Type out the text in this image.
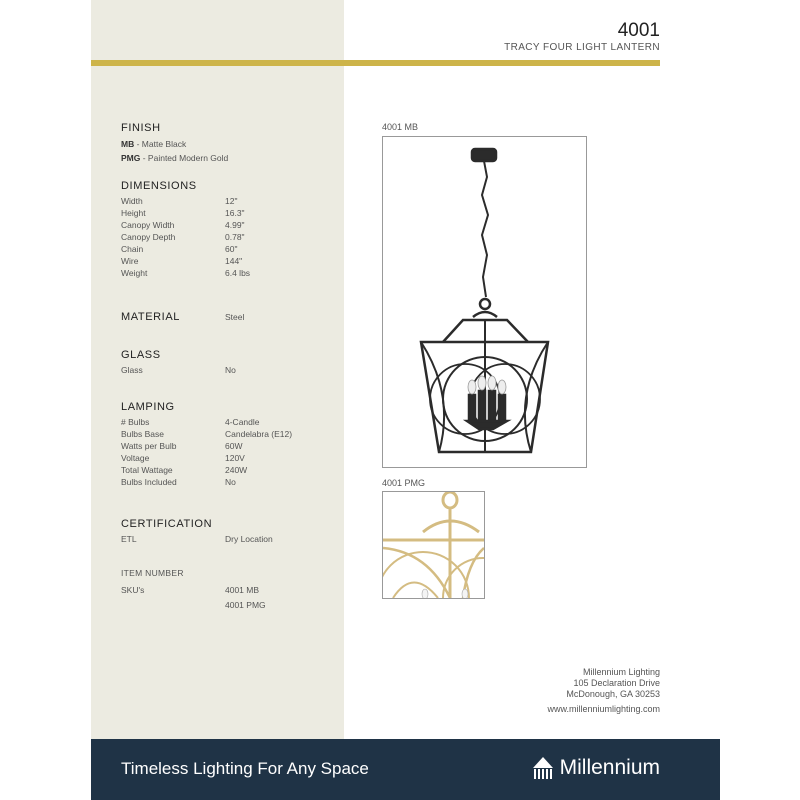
4001
TRACY FOUR LIGHT LANTERN
FINISH
MB - Matte Black
PMG - Painted Modern Gold
DIMENSIONS
Width	12"
Height	16.3"
Canopy Width	4.99"
Canopy Depth	0.78"
Chain	60"
Wire	144"
Weight	6.4 lbs
MATERIAL	Steel
GLASS
Glass	No
LAMPING
# Bulbs	4-Candle
Bulbs Base	Candelabra (E12)
Watts per Bulb	60W
Voltage	120V
Total Wattage	240W
Bulbs Included	No
CERTIFICATION
ETL	Dry Location
ITEM NUMBER
SKU's	4001 MB
4001 PMG
4001 MB
4001 PMG
Millennium Lighting
105 Declaration Drive
McDonough, GA 30253
www.millenniumlighting.com
Timeless Lighting For Any Space	Millennium
